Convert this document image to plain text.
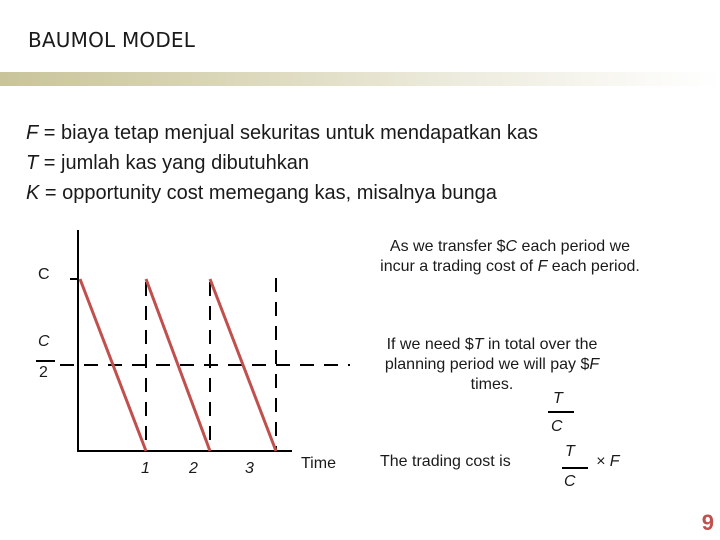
BAUMOL MODEL
F = biaya tetap menjual sekuritas untuk mendapatkan kas
T = jumlah kas yang dibutuhkan
K = opportunity cost memegang kas, misalnya bunga
C
C
2
1 2	3	Time
As we transfer $C each period we
incur a trading cost of F each period.
If we need $T in total over the
planning period we will pay $F
times.
T
C
The trading cost is
T
C
× F
9
